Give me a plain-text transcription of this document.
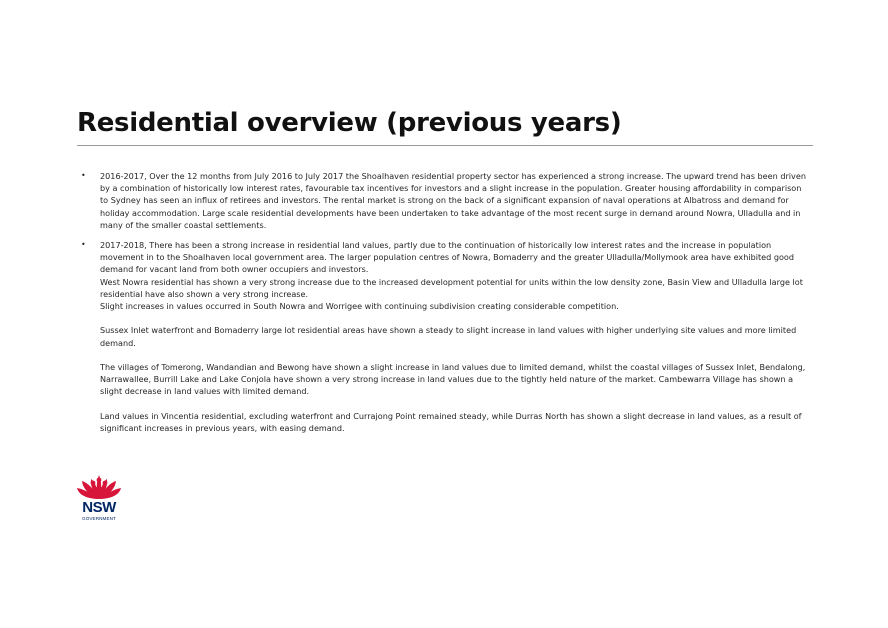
Residential overview (previous years)
• 2016-2017, Over the 12 months from July 2016 to July 2017 the Shoalhaven residential property sector has experienced a strong increase. The upward trend has been driven by a combination of historically low interest rates, favourable tax incentives for investors and a slight increase in the population. Greater housing affordability in comparison to Sydney has seen an influx of retirees and investors. The rental market is strong on the back of a significant expansion of naval operations at Albatross and demand for holiday accommodation. Large scale residential developments have been undertaken to take advantage of the most recent surge in demand around Nowra, Ulladulla and in many of the smaller coastal settlements.

• 2017-2018, There has been a strong increase in residential land values, partly due to the continuation of historically low interest rates and the increase in population movement in to the Shoalhaven local government area. The larger population centres of Nowra, Bomaderry and the greater Ulladulla/Mollymook area have exhibited good demand for vacant land from both owner occupiers and investors.

West Nowra residential has shown a very strong increase due to the increased development potential for units within the low density zone, Basin View and Ulladulla large lot residential have also shown a very strong increase.

Slight increases in values occurred in South Nowra and Worrigee with continuing subdivision creating considerable competition.

Sussex Inlet waterfront and Bomaderry large lot residential areas have shown a steady to slight increase in land values with higher underlying site values and more limited demand.

The villages of Tomerong, Wandandian and Bewong have shown a slight increase in land values due to limited demand, whilst the coastal villages of Sussex Inlet, Bendalong, Narrawallee, Burrill Lake and Lake Conjola have shown a very strong increase in land values due to the tightly held nature of the market. Cambewarra Village has shown a slight decrease in land values with limited demand.

Land values in Vincentia residential, excluding waterfront and Currajong Point remained steady, while Durras North has shown a slight decrease in land values, as a result of significant increases in previous years, with easing demand.

NSW
GOVERNMENT
